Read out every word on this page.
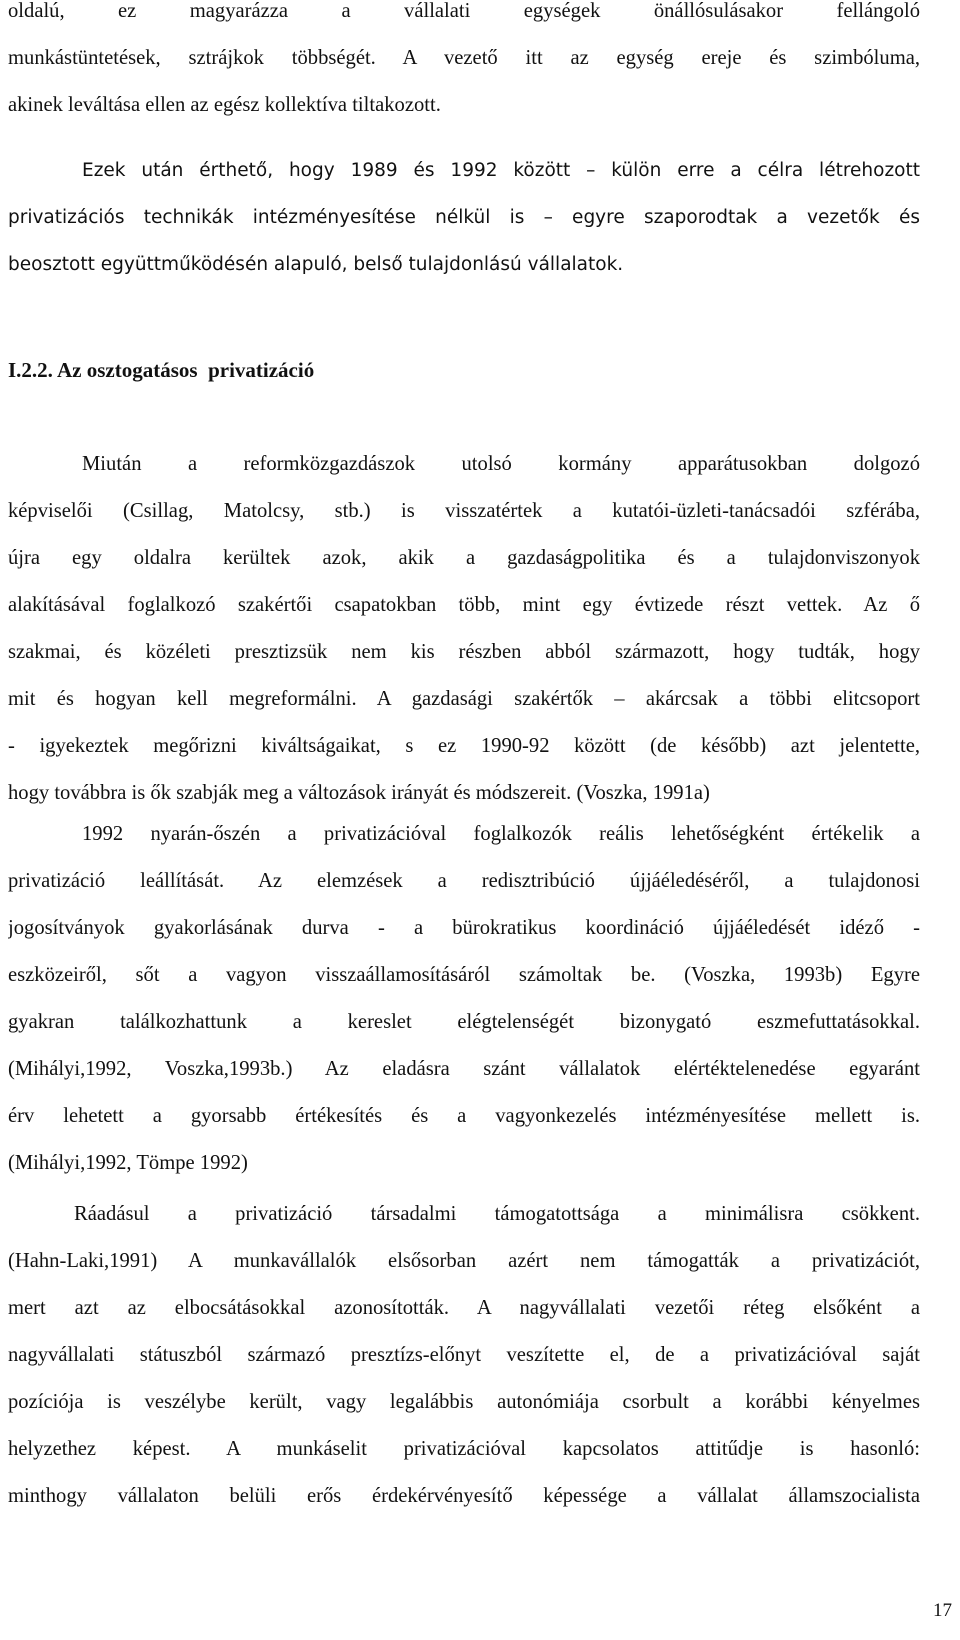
oldalú, ez magyarázza a vállalati egységek önállósulásakor fellángoló
munkástüntetések, sztrájkok többségét. A vezető itt az egység ereje és szimbóluma,
akinek leváltása ellen az egész kollektíva tiltakozott.
Ezek után érthető, hogy 1989 és 1992 között – külön erre a célra létrehozott
privatizációs technikák intézményesítése nélkül is – egyre szaporodtak a vezetők és
beosztott együttműködésén alapuló, belső tulajdonlású vállalatok.
I.2.2. Az osztogatásos  privatizáció
Miután a reformközgazdászok utolsó kormány apparátusokban dolgozó
képviselői (Csillag, Matolcsy, stb.) is visszatértek a kutatói-üzleti-tanácsadói szférába,
újra egy oldalra kerültek azok, akik a gazdaságpolitika és a tulajdonviszonyok
alakításával foglalkozó szakértői csapatokban több, mint egy évtizede részt vettek. Az ő
szakmai, és közéleti presztizsük nem kis részben abból származott, hogy tudták, hogy
mit és hogyan kell megreformálni. A gazdasági szakértők – akárcsak a többi elitcsoport
- igyekeztek megőrizni kiváltságaikat, s ez 1990-92 között (de később) azt jelentette,
hogy továbbra is ők szabják meg a változások irányát és módszereit. (Voszka, 1991a)
1992 nyarán-őszén a privatizációval foglalkozók reális lehetőségként értékelik a
privatizáció leállítását. Az elemzések a redisztribúció újjáéledéséről, a tulajdonosi
jogosítványok gyakorlásának durva - a bürokratikus koordináció újjáéledését idéző -
eszközeiről, sőt a vagyon visszaállamosításáról számoltak be. (Voszka, 1993b) Egyre
gyakran találkozhattunk a kereslet elégtelenségét bizonygató eszmefuttatásokkal.
(Mihályi,1992, Voszka,1993b.) Az eladásra szánt vállalatok elértéktelenedése egyaránt
érv lehetett a gyorsabb értékesítés és a vagyonkezelés intézményesítése mellett is.
(Mihályi,1992, Tömpe 1992)
Ráadásul a privatizáció társadalmi támogatottsága a minimálisra csökkent.
(Hahn-Laki,1991) A munkavállalók elsősorban azért nem támogatták a privatizációt,
mert azt az elbocsátásokkal azonosították. A nagyvállalati vezetői réteg elsőként a
nagyvállalati státuszból származó presztízs-előnyt veszítette el, de a privatizációval saját
pozíciója is veszélybe került, vagy legalábbis autonómiája csorbult a korábbi kényelmes
helyzethez képest. A munkáselit privatizációval kapcsolatos attitűdje is hasonló:
minthogy vállalaton belüli erős érdekérvényesítő képessége a vállalat államszocialista
17
